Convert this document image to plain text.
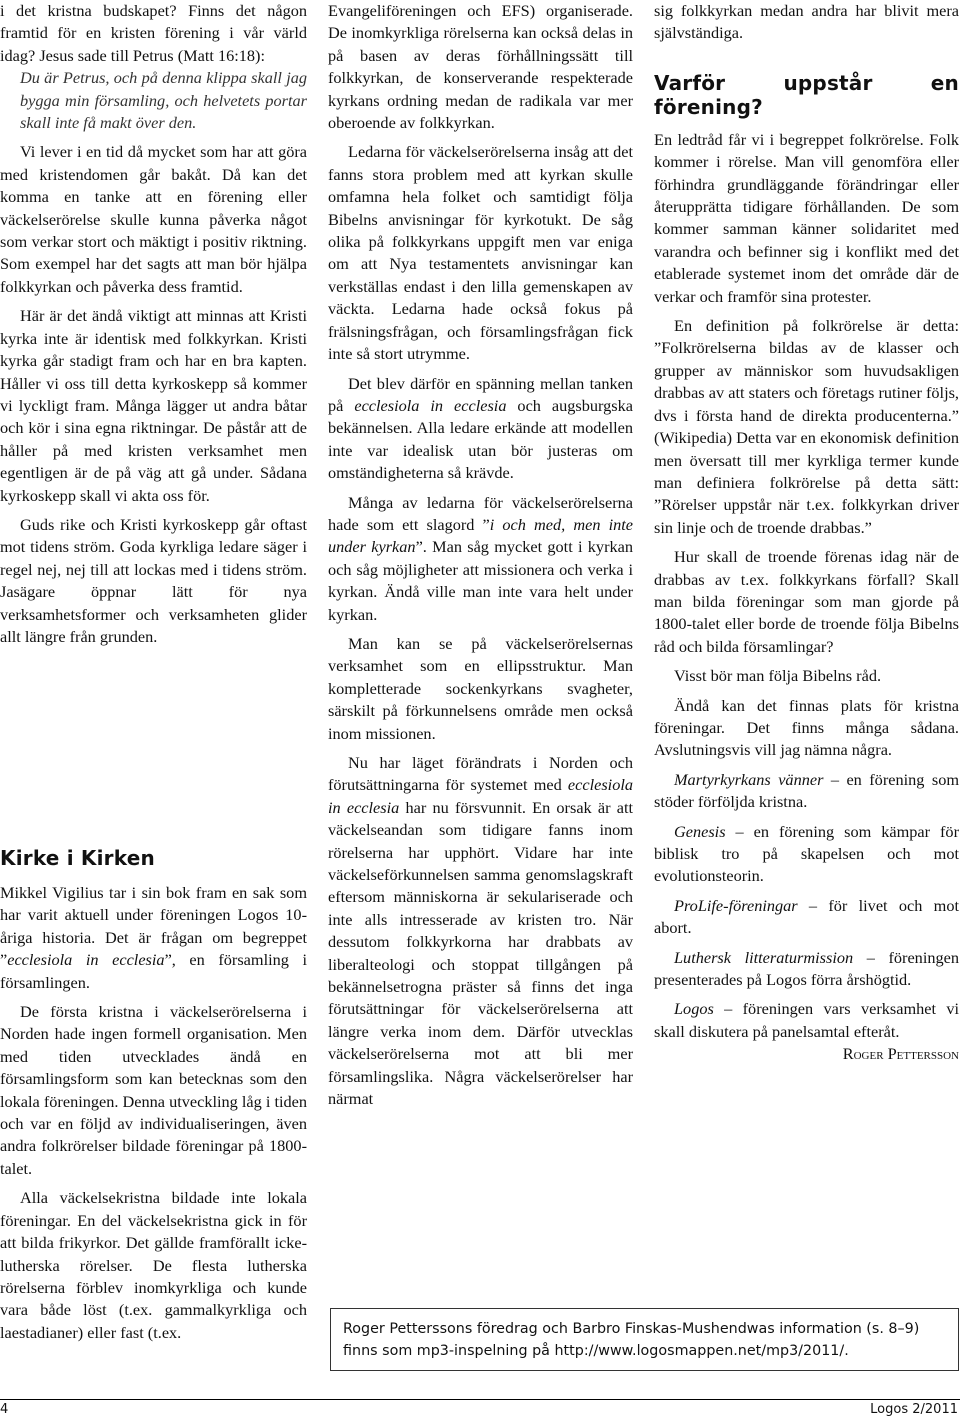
i det kristna budskapet? Finns det någon framtid för en kristen förening i vår värld idag? Jesus sade till Petrus (Matt 16:18):

Du är Petrus, och på denna klippa skall jag bygga min församling, och helvetets portar skall inte få makt över den.

Vi lever i en tid då mycket som har att göra med kristendomen går bakåt. Då kan det komma en tanke att en förening eller väckelserörelse skulle kunna påverka något som verkar stort och mäktigt i positiv riktning. Som exempel har det sagts att man bör hjälpa folkkyrkan och påverka dess framtid.

Här är det ändå viktigt att minnas att Kristi kyrka inte är identisk med folkkyrkan. Kristi kyrka går stadigt fram och har en bra kapten. Håller vi oss till detta kyrkoskepp så kommer vi lyckligt fram. Många lägger ut andra båtar och kör i sina egna riktningar. De påstår att de håller på med kristen verksamhet men egentligen är de på väg att gå under. Sådana kyrkoskepp skall vi akta oss för.

Guds rike och Kristi kyrkoskepp går oftast mot tidens ström. Goda kyrkliga ledare säger i regel nej, nej till att lockas med i tidens ström. Jasägare öppnar lätt för nya verksamhetsformer och verksamheten glider allt längre från grunden.

Kirke i Kirken

Mikkel Vigilius tar i sin bok fram en sak som har varit aktuell under föreningen Logos 10-åriga historia. Det är frågan om begreppet ”ecclesiola in ecclesia”, en församling i församlingen.

De första kristna i väckelserörelserna i Norden hade ingen formell organisation. Men med tiden utvecklades ändå en församlingsform som kan betecknas som den lokala föreningen. Denna utveckling låg i tiden och var en följd av individualiseringen, även andra folkrörelser bildade föreningar på 1800-talet.

Alla väckelsekristna bildade inte lokala föreningar. En del väckelsekristna gick in för att bilda frikyrkor. Det gällde framförallt icke-lutherska rörelser. De flesta lutherska rörelserna förblev inomkyrkliga och kunde vara både löst (t.ex. gammalkyrkliga och laestadianer) eller fast (t.ex.

Evangeliföreningen och EFS) organiserade. De inomkyrkliga rörelserna kan också delas in på basen av deras förhållningssätt till folkkyrkan, de konserverande respekterade kyrkans ordning medan de radikala var mer oberoende av folkkyrkan.

Ledarna för väckelserörelserna insåg att det fanns stora problem med att kyrkan skulle omfamna hela folket och samtidigt följa Bibelns anvisningar för kyrkotukt. De såg olika på folkkyrkans uppgift men var eniga om att Nya testamentets anvisningar kan verkställas endast i den lilla gemenskapen av väckta. Ledarna hade också fokus på frälsningsfrågan, och församlingsfrågan fick inte så stort utrymme.

Det blev därför en spänning mellan tanken på ecclesiola in ecclesia och augsburgska bekännelsen. Alla ledare erkände att modellen inte var idealisk utan bör justeras om omständigheterna så krävde.

Många av ledarna för väckelserörelserna hade som ett slagord ”i och med, men inte under kyrkan”. Man såg mycket gott i kyrkan och såg möjligheter att missionera och verka i kyrkan. Ändå ville man inte vara helt under kyrkan.

Man kan se på väckelserörelsernas verksamhet som en ellipsstruktur. Man kompletterade sockenkyrkans svagheter, särskilt på förkunnelsens område men också inom missionen.

Nu har läget förändrats i Norden och förutsättningarna för systemet med ecclesiola in ecclesia har nu försvunnit. En orsak är att väckelseandan som tidigare fanns inom rörelserna har upphört. Vidare har inte väckelseförkunnelsen samma genomslagskraft eftersom människorna är sekulariserade och inte alls intresserade av kristen tro. När dessutom folkkyrkorna har drabbats av liberalteologi och stoppat tillgången på bekännelsetrogna präster så finns det inga förutsättningar för väckelserörelserna att längre verka inom dem. Därför utvecklas väckelserörelserna mot att bli mer församlingslika. Några väckelserörelser har närmat

sig folkkyrkan medan andra har blivit mera självständiga.

Varför uppstår en förening?

En ledtråd får vi i begreppet folkrörelse. Folk kommer i rörelse. Man vill genomföra eller förhindra grundläggande förändringar eller återupprätta tidigare förhållanden. De som kommer samman känner solidaritet med varandra och befinner sig i konflikt med det etablerade systemet inom det område där de verkar och framför sina protester.

En definition på folkrörelse är detta: ”Folkrörelserna bildas av de klasser och grupper av människor som huvudsakligen drabbas av att staters och företags rutiner följs, dvs i första hand de direkta producenterna.” (Wikipedia) Detta var en ekonomisk definition men översatt till mer kyrkliga termer kunde man definiera folkrörelse på detta sätt: ”Rörelser uppstår när t.ex. folkkyrkan driver sin linje och de troende drabbas.”

Hur skall de troende förenas idag när de drabbas av t.ex. folkkyrkans förfall? Skall man bilda föreningar som man gjorde på 1800-talet eller borde de troende följa Bibelns råd och bilda församlingar?

Visst bör man följa Bibelns råd.

Ändå kan det finnas plats för kristna föreningar. Det finns många sådana. Avslutningsvis vill jag nämna några.

Martyrkyrkans vänner – en förening som stöder förföljda kristna.

Genesis – en förening som kämpar för biblisk tro på skapelsen och mot evolutionsteorin.

ProLife-föreningar – för livet och mot abort.

Luthersk litteraturmission – föreningen presenterades på Logos förra årshögtid.

Logos – föreningen vars verksamhet vi skall diskutera på panelsamtal efteråt.

Roger Pettersson

Roger Petterssons föredrag och Barbro Finskas-Mushendwas information (s. 8–9) finns som mp3-inspelning på http://www.logosmappen.net/mp3/2011/.
4	Logos 2/2011
